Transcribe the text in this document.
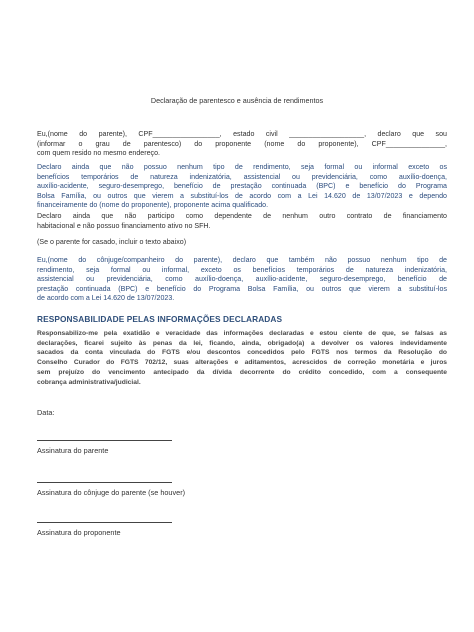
Declaração de parentesco e ausência de rendimentos
Eu,(nome do parente), CPF_________________, estado civil ___________________, declaro que sou
(informar o grau de parentesco) do proponente (nome do proponente), CPF_______________,
com quem resido no mesmo endereço.
Declaro ainda que não possuo nenhum tipo de rendimento, seja formal ou informal exceto os
benefícios temporários de natureza indenizatória, assistencial ou previdenciária, como auxílio-doença,
auxílio-acidente, seguro-desemprego, benefício de prestação continuada (BPC) e benefício do Programa
Bolsa Família, ou outros que vierem a substituí-los de acordo com a Lei 14.620 de 13/07/2023 e dependo
financeiramente do (nome do proponente), proponente acima qualificado.
Declaro ainda que não participo como dependente de nenhum outro contrato de financiamento
habitacional e não possuo financiamento ativo no SFH.
(Se o parente for casado, incluir o texto abaixo)
Eu,(nome do cônjuge/companheiro do parente), declaro que também não possuo nenhum tipo de
rendimento, seja formal ou informal, exceto os benefícios temporários de natureza indenizatória,
assistencial ou previdenciária, como auxílio-doença, auxílio-acidente, seguro-desemprego, benefício de
prestação continuada (BPC) e benefício do Programa Bolsa Família, ou outros que vierem a substituí-los
de acordo com a Lei 14.620 de 13/07/2023.
RESPONSABILIDADE PELAS INFORMAÇÕES DECLARADAS
Responsabilizo-me pela exatidão e veracidade das informações declaradas e estou ciente de que, se falsas as
declarações, ficarei sujeito às penas da lei, ficando, ainda, obrigado(a) a devolver os valores indevidamente
sacados da conta vinculada do FGTS e/ou descontos concedidos pelo FGTS nos termos da Resolução do
Conselho Curador do FGTS 702/12, suas alterações e aditamentos, acrescidos de correção monetária e juros
sem prejuízo do vencimento antecipado da dívida decorrente do crédito concedido, com a consequente
cobrança administrativa/judicial.
Data:
Assinatura do parente
Assinatura do cônjuge do parente (se houver)
Assinatura do proponente
